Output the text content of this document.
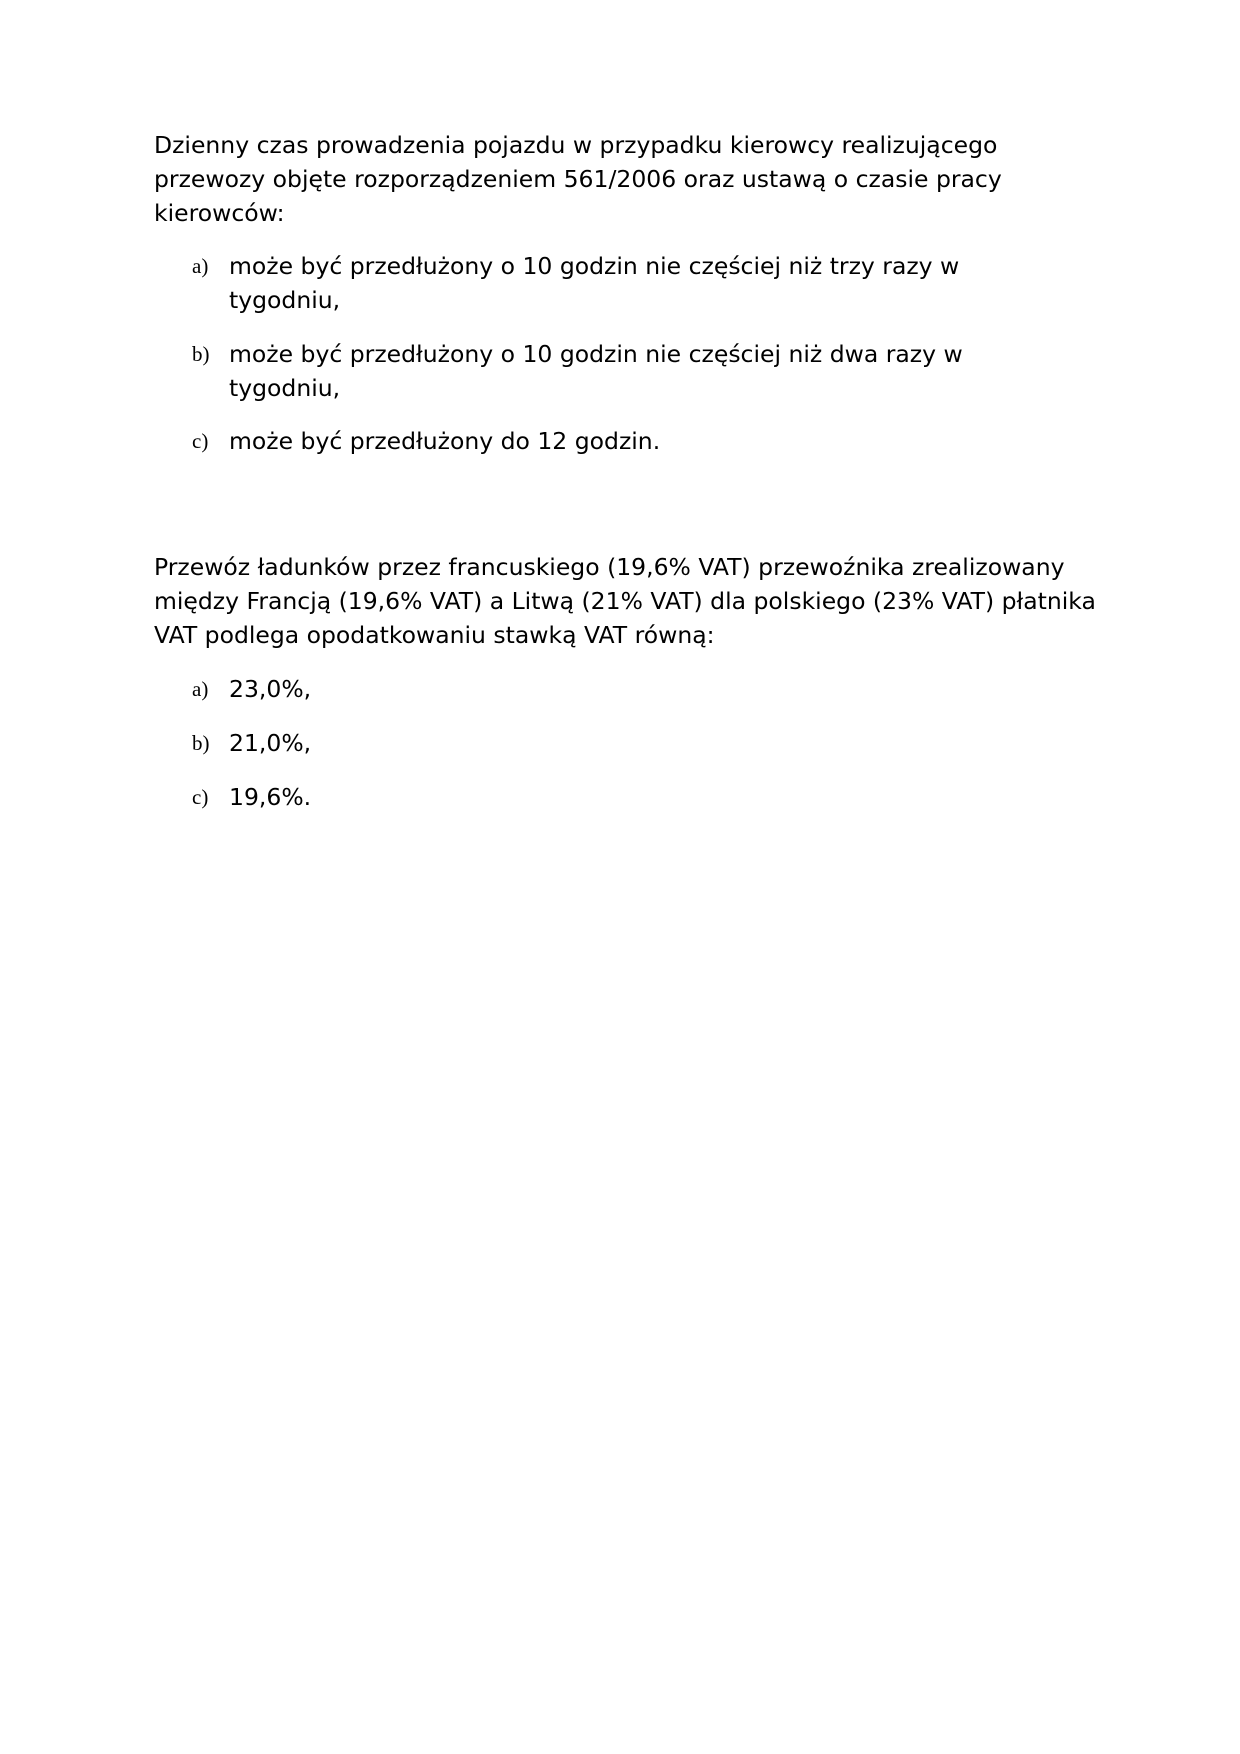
Dzienny czas prowadzenia pojazdu w przypadku kierowcy realizującego przewozy objęte rozporządzeniem 561/2006 oraz ustawą o czasie pracy kierowców:
a) może być przedłużony o 10 godzin nie częściej niż trzy razy w tygodniu,
b) może być przedłużony o 10 godzin nie częściej niż dwa razy w tygodniu,
c) może być przedłużony do 12 godzin.
Przewóz ładunków przez francuskiego (19,6% VAT) przewoźnika zrealizowany między Francją (19,6% VAT) a Litwą (21% VAT) dla polskiego (23% VAT) płatnika VAT podlega opodatkowaniu stawką VAT równą:
a) 23,0%,
b) 21,0%,
c) 19,6%.
